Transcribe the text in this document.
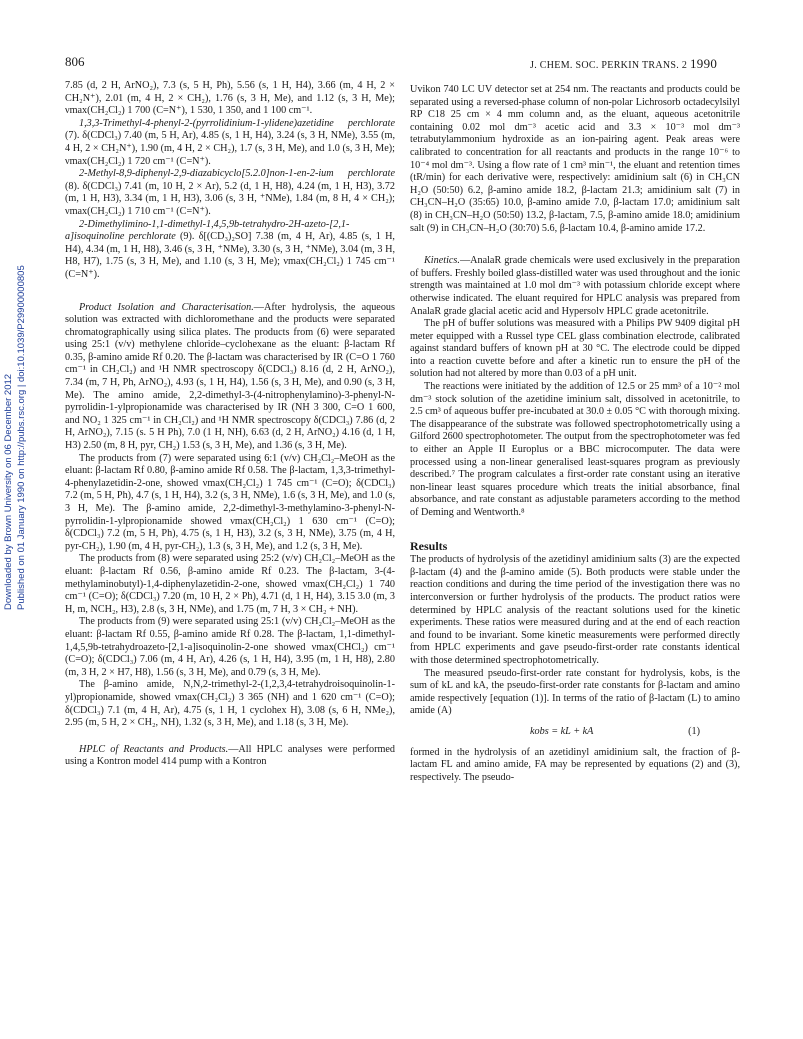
806	J. CHEM. SOC. PERKIN TRANS. 2 1990
Downloaded by Brown University on 06 December 2012 Published on 01 January 1990 on http://pubs.rsc.org | doi:10.1039/P29900000805

7.85 (d, 2 H, ArNO₂), 7.3 (s, 5 H, Ph), 5.56 (s, 1 H, H4), 3.66 (m, 4 H, 2 × CH₂N⁺), 2.01 (m, 4 H, 2 × CH₂), 1.76 (s, 3 H, Me), and 1.12 (s, 3 H, Me); νmax(CH₂Cl₂) 1 700 (C=N⁺), 1 530, 1 350, and 1 100 cm⁻¹.

1,3,3-Trimethyl-4-phenyl-2-(pyrrolidinium-1-ylidene)azetidine perchlorate (7). δ(CDCl₃) 7.40 (m, 5 H, Ar), 4.85 (s, 1 H, H4), 3.24 (s, 3 H, NMe), 3.55 (m, 4 H, 2 × CH₂N⁺), 1.90 (m, 4 H, 2 × CH₂), 1.7 (s, 3 H, Me), and 1.0 (s, 3 H, Me); νmax(CH₂Cl₂) 1 720 cm⁻¹ (C=N⁺).

2-Methyl-8,9-diphenyl-2,9-diazabicyclo[5.2.0]non-1-en-2-ium perchlorate (8). δ(CDCl₃) 7.41 (m, 10 H, 2 × Ar), 5.2 (d, 1 H, H8), 4.24 (m, 1 H, H3), 3.72 (m, 1 H, H3), 3.34 (m, 1 H, H3), 3.06 (s, 3 H, ⁺NMe), 1.84 (m, 8 H, 4 × CH₂); νmax(CH₂Cl₂) 1 710 cm⁻¹ (C=N⁺).

2-Dimethylimino-1,1-dimethyl-1,4,5,9b-tetrahydro-2H-azeto-[2,1-a]isoquinoline perchlorate (9). δ[(CD₃)₂SO] 7.38 (m, 4 H, Ar), 4.85 (s, 1 H, H4), 4.34 (m, 1 H, H8), 3.46 (s, 3 H, ⁺NMe), 3.30 (s, 3 H, ⁺NMe), 3.04 (m, 3 H, H8, H7), 1.75 (s, 3 H, Me), and 1.10 (s, 3 H, Me); νmax(CH₂Cl₂) 1 745 cm⁻¹ (C=N⁺).

Product Isolation and Characterisation.—After hydrolysis, the aqueous solution was extracted with dichloromethane and the products were separated chromatographically using silica plates. The products from (6) were separated using 25:1 (v/v) methylene chloride–cyclohexane as the eluant: β-lactam Rf 0.35, β-amino amide Rf 0.20. The β-lactam was characterised by IR (C=O 1 760 cm⁻¹ in CH₂Cl₂) and ¹H NMR spectroscopy δ(CDCl₃) 8.16 (d, 2 H, ArNO₂), 7.34 (m, 7 H, Ph, ArNO₂), 4.93 (s, 1 H, H4), 1.56 (s, 3 H, Me), and 0.90 (s, 3 H, Me). The amino amide, 2,2-dimethyl-3-(4-nitrophenylamino)-3-phenyl-N-pyrrolidin-1-ylpropionamide was characterised by IR (NH 3 300, C=O 1 600, and NO₂ 1 325 cm⁻¹ in CH₂Cl₂) and ¹H NMR spectroscopy δ(CDCl₃) 7.86 (d, 2 H, ArNO₂), 7.15 (s. 5 H Ph), 7.0 (1 H, NH), 6.63 (d, 2 H, ArNO₂) 4.16 (d, 1 H, H3) 2.50 (m, 8 H, pyr, CH₂) 1.53 (s, 3 H, Me), and 1.36 (s, 3 H, Me).

The products from (7) were separated using 6:1 (v/v) CH₂Cl₂–MeOH as the eluant: β-lactam Rf 0.80, β-amino amide Rf 0.58. The β-lactam, 1,3,3-trimethyl-4-phenylazetidin-2-one, showed νmax(CH₂Cl₂) 1 745 cm⁻¹ (C=O); δ(CDCl₃) 7.2 (m, 5 H, Ph), 4.7 (s, 1 H, H4), 3.2 (s, 3 H, NMe), 1.6 (s, 3 H, Me), and 1.0 (s, 3 H, Me). The β-amino amide, 2,2-dimethyl-3-methylamino-3-phenyl-N-pyrrolidin-1-ylpropionamide showed νmax(CH₂Cl₂) 1 630 cm⁻¹ (C=O); δ(CDCl₃) 7.2 (m, 5 H, Ph), 4.75 (s, 1 H, H3), 3.2 (s, 3 H, NMe), 3.75 (m, 4 H, pyr-CH₂), 1.90 (m, 4 H, pyr-CH₂), 1.3 (s, 3 H, Me), and 1.2 (s, 3 H, Me).

The products from (8) were separated using 25:2 (v/v) CH₂Cl₂–MeOH as the eluant: β-lactam Rf 0.56, β-amino amide Rf 0.23. The β-lactam, 3-(4-methylaminobutyl)-1,4-diphenylazetidin-2-one, showed νmax(CH₂Cl₂) 1 740 cm⁻¹ (C=O); δ(CDCl₃) 7.20 (m, 10 H, 2 × Ph), 4.71 (d, 1 H, H4), 3.15 3.0 (m, 3 H, m, NCH₂, H3), 2.8 (s, 3 H, NMe), and 1.75 (m, 7 H, 3 × CH₂ + NH).

The products from (9) were separated using 25:1 (v/v) CH₂Cl₂–MeOH as the eluant: β-lactam Rf 0.55, β-amino amide Rf 0.28. The β-lactam, 1,1-dimethyl-1,4,5,9b-tetrahydroazeto-[2,1-a]isoquinolin-2-one showed νmax(CHCl₂) cm⁻¹ (C=O); δ(CDCl₃) 7.06 (m, 4 H, Ar), 4.26 (s, 1 H, H4), 3.95 (m, 1 H, H8), 2.80 (m, 3 H, 2 × H7, H8), 1.56 (s, 3 H, Me), and 0.79 (s, 3 H, Me).

The β-amino amide, N,N,2-trimethyl-2-(1,2,3,4-tetrahydroisoquinolin-1-yl)propionamide, showed νmax(CH₂Cl₂) 3 365 (NH) and 1 620 cm⁻¹ (C=O); δ(CDCl₃) 7.1 (m, 4 H, Ar), 4.75 (s, 1 H, 1 cyclohex H), 3.08 (s, 6 H, NMe₂), 2.95 (m, 5 H, 2 × CH₂, NH), 1.32 (s, 3 H, Me), and 1.18 (s, 3 H, Me).

HPLC of Reactants and Products.—All HPLC analyses were performed using a Kontron model 414 pump with a Kontron

Uvikon 740 LC UV detector set at 254 nm. The reactants and products could be separated using a reversed-phase column of non-polar Lichrosorb octadecylsilyl RP C18 25 cm × 4 mm column and, as the eluant, aqueous acetonitrile containing 0.02 mol dm⁻³ acetic acid and 3.3 × 10⁻³ mol dm⁻³ tetrabutylammonium hydroxide as an ion-pairing agent. Peak areas were calibrated to concentration for all reactants and products in the range 10⁻⁶ to 10⁻⁴ mol dm⁻³. Using a flow rate of 1 cm³ min⁻¹, the eluant and retention times (tR/min) for each derivative were, respectively: amidinium salt (6) in CH₃CN H₂O (50:50) 6.2, β-amino amide 18.2, β-lactam 21.3; amidinium salt (7) in CH₃CN–H₂O (35:65) 10.0, β-amino amide 7.0, β-lactam 17.0; amidinium salt (8) in CH₃CN–H₂O (50:50) 13.2, β-lactam, 7.5, β-amino amide 18.0; amidinium salt (9) in CH₃CN–H₂O (30:70) 5.6, β-lactam 10.4, β-amino amide 17.2.

Kinetics.—AnalaR grade chemicals were used exclusively in the preparation of buffers. Freshly boiled glass-distilled water was used throughout and the ionic strength was maintained at 1.0 mol dm⁻³ with potassium chloride except where otherwise indicated. The eluant required for HPLC analysis was prepared from AnalaR grade glacial acetic acid and Hypersolv HPLC grade acetonitrile.

The pH of buffer solutions was measured with a Philips PW 9409 digital pH meter equipped with a Russel type CEL glass combination electrode, calibrated against standard buffers of known pH at 30 °C. The electrode could be dipped into a reaction cuvette before and after a kinetic run to ensure the pH of the solution had not altered by more than 0.03 of a pH unit.

The reactions were initiated by the addition of 12.5 or 25 mm³ of a 10⁻² mol dm⁻³ stock solution of the azetidine iminium salt, dissolved in acetonitrile, to 2.5 cm³ of aqueous buffer pre-incubated at 30.0 ± 0.05 °C with thorough mixing. The disappearance of the substrate was followed spectrophotometrically using a Gilford 2600 spectrophotometer. The output from the spectrophotometer was fed to either an Apple II Europlus or a BBC microcomputer. The data were processed using a non-linear generalised least-squares program as previously described.⁷ The program calculates a first-order rate constant using an iterative non-linear least squares procedure which treats the initial absorbance, final absorbance, and rate constant as adjustable parameters according to the method of Deming and Wentworth.⁸

Results

The products of hydrolysis of the azetidinyl amidinium salts (3) are the expected β-lactam (4) and the β-amino amide (5). Both products were stable under the reaction conditions and during the time period of the investigation there was no interconversion or further hydrolysis of the products. The product ratios were determined by HPLC analysis of the reactant solutions used for the kinetic experiments. These ratios were measured during and at the end of each reaction and found to be invariant. Some kinetic measurements were performed directly from HPLC experiments and gave pseudo-first-order rate constants identical with those determined spectrophotometrically.

The measured pseudo-first-order rate constant for hydrolysis, kobs, is the sum of kL and kA, the pseudo-first-order rate constants for β-lactam and amino amide respectively [equation (1)]. In terms of the ratio of β-lactam (L) to amino amide (A)

kobs = kL + kA	(1)

formed in the hydrolysis of an azetidinyl amidinium salt, the fraction of β-lactam FL and amino amide, FA may be represented by equations (2) and (3), respectively. The pseudo-
